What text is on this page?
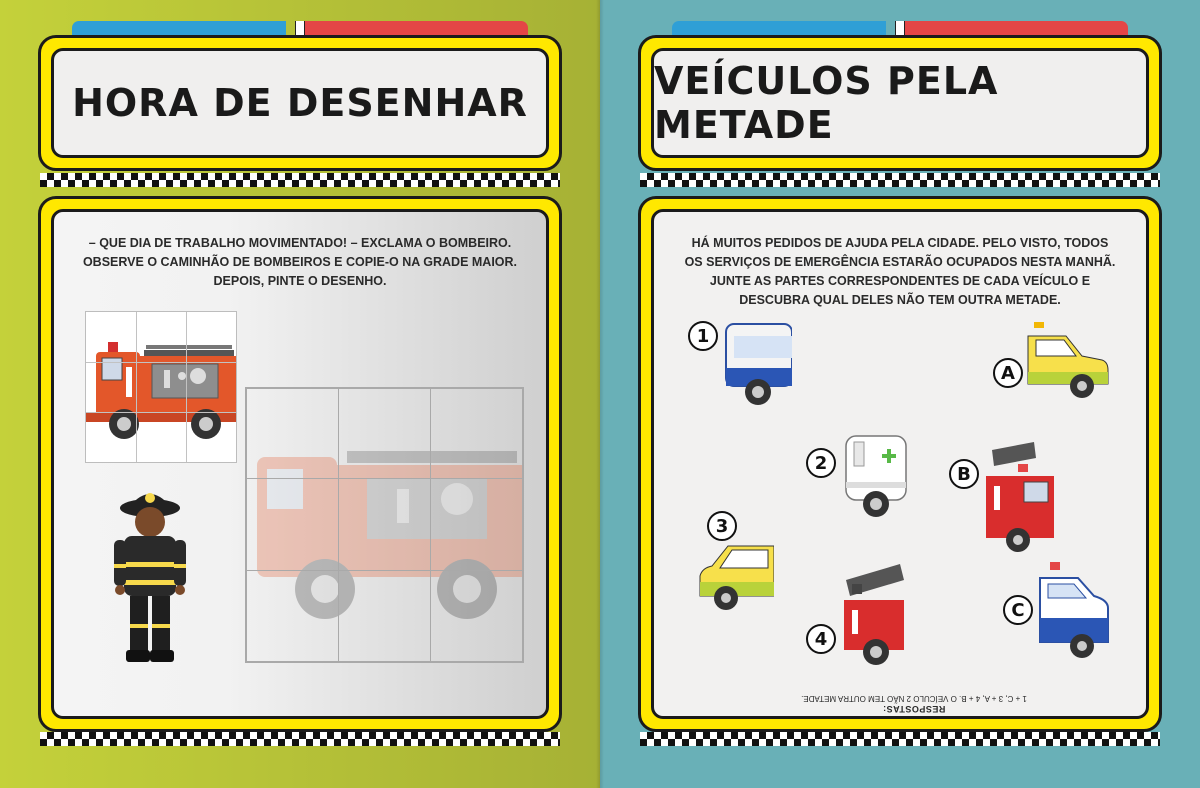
HORA DE DESENHAR
– QUE DIA DE TRABALHO MOVIMENTADO! – EXCLAMA O BOMBEIRO.
OBSERVE O CAMINHÃO DE BOMBEIROS E COPIE-O NA GRADE MAIOR.
DEPOIS, PINTE O DESENHO.
VEÍCULOS PELA METADE
HÁ MUITOS PEDIDOS DE AJUDA PELA CIDADE. PELO VISTO, TODOS
OS SERVIÇOS DE EMERGÊNCIA ESTARÃO OCUPADOS NESTA MANHÃ.
JUNTE AS PARTES CORRESPONDENTES DE CADA VEÍCULO E
DESCUBRA QUAL DELES NÃO TEM OUTRA METADE.
1
A
2
B
3
4
C
RESPOSTAS:
1 + C, 3 + A, 4 + B. O VEÍCULO 2 NÃO TEM OUTRA METADE.
